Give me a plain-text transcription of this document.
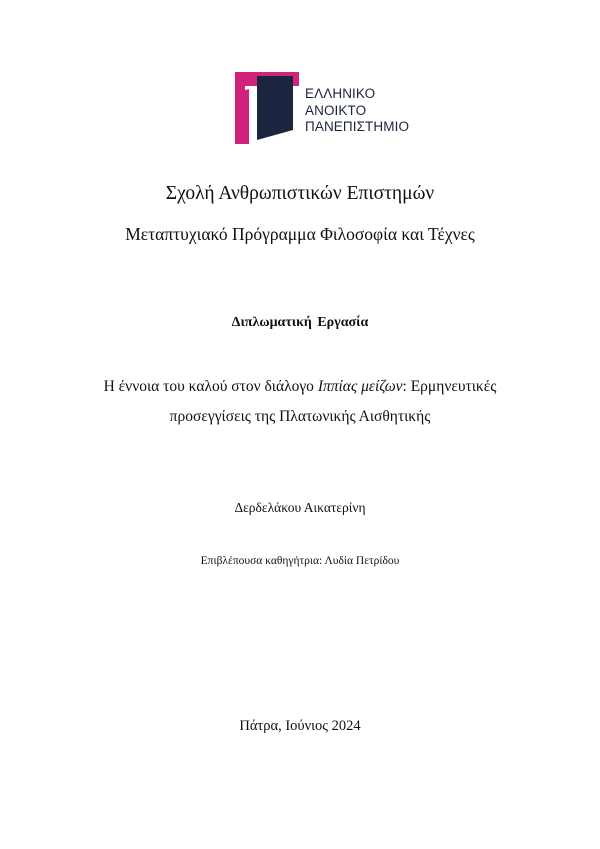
ΕΛΛΗΝΙΚΟ
ΑΝΟΙΚΤΟ
ΠΑΝΕΠΙΣΤΗΜΙΟ
Σχολή Ανθρωπιστικών Επιστημών
Μεταπτυχιακό Πρόγραμμα Φιλοσοφία και Τέχνες
Διπλωματική Εργασία
Η έννοια του καλού στον διάλογο Ιππίας μείζων: Ερμηνευτικές
προσεγγίσεις της Πλατωνικής Αισθητικής
Δερδελάκου Αικατερίνη
Επιβλέπουσα καθηγήτρια: Λυδία Πετρίδου
Πάτρα, Ιούνιος 2024
